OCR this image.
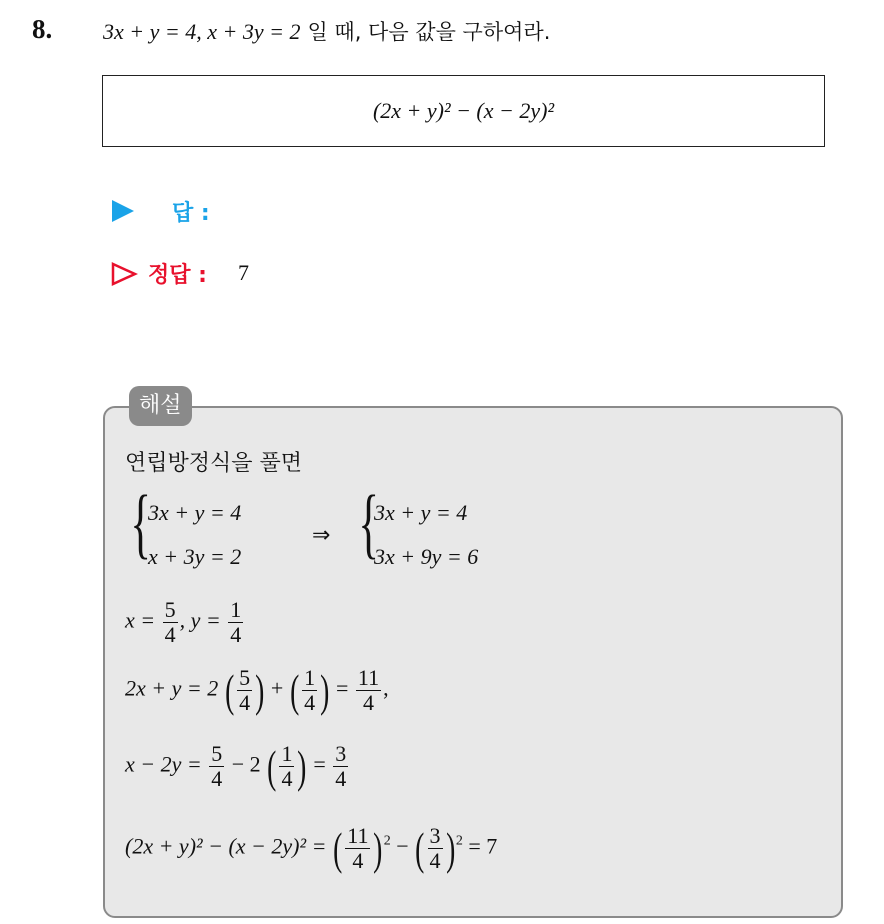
8. 3x + y = 4, x + 3y = 2 일 때, 다음 값을 구하여라.
(2x + y)² − (x − 2y)²
답 :
정답 : 7
해설
연립방정식을 풀면
{
3x + y = 4
x + 3y = 2
⇒ {
3x + y = 4
3x + 9y = 6
$x = \frac{5}{4}$ , $y = \frac{1}{4}$
2x + y = 2 ( $\frac{5}{4}$ ) + ( $\frac{1}{4}$ ) = $\frac{11}{4}$ ,
$x - 2y = \frac{5}{4} - 2$ ( $\frac{1}{4}$ ) = $\frac{3}{4}$
(2x + y)² − (x − 2y)² = ( $\frac{11}{4} )^2$ − ( $\frac{3}{4} )^2 = 7$
